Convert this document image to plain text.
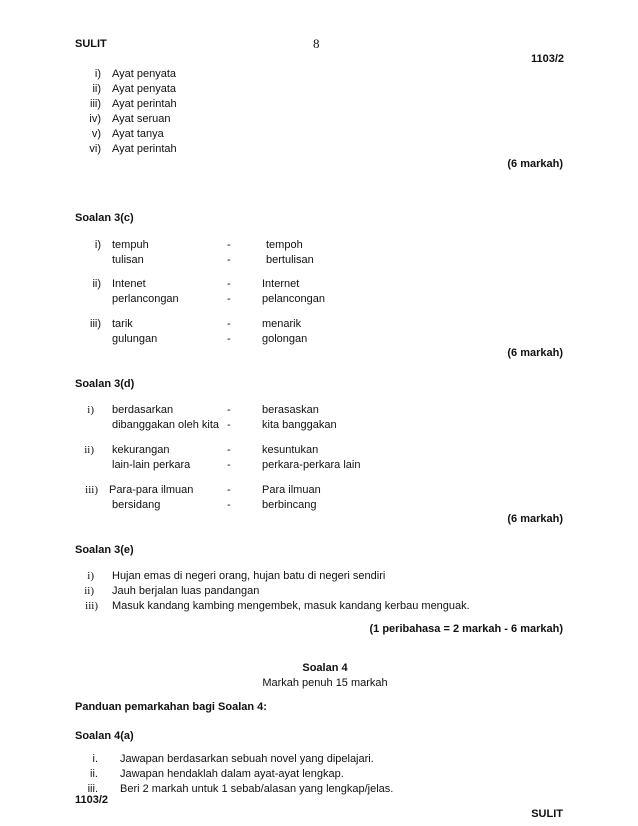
SULIT	8
1103/2
i) Ayat penyata
ii) Ayat penyata
iii) Ayat perintah
iv) Ayat seruan
v) Ayat tanya
vi) Ayat perintah
(6 markah)
Soalan 3(c)
i) tempuh	-	tempoh
tulisan	-	bertulisan
ii) Intenet	-	Internet
perlancongan	-	pelancongan
iii) tarik	-	menarik
gulungan	-	golongan
(6 markah)
Soalan 3(d)
i) berdasarkan	-	berasaskan
dibanggakan oleh kita -	kita banggakan
ii) kekurangan	-	kesuntukan
lain-lain perkara	-	perkara-perkara lain
iii) Para-para ilmuan	-	Para ilmuan
bersidang	-	berbincang
(6 markah)
Soalan 3(e)
i) Hujan emas di negeri orang, hujan batu di negeri sendiri
ii) Jauh berjalan luas pandangan
iii) Masuk kandang kambing mengembek, masuk kandang kerbau menguak.
(1 peribahasa = 2 markah - 6 markah)
Soalan 4
Markah penuh 15 markah
Panduan pemarkahan bagi Soalan 4:
Soalan 4(a)
i. Jawapan berdasarkan sebuah novel yang dipelajari.
ii. Jawapan hendaklah dalam ayat-ayat lengkap.
iii. Beri 2 markah untuk 1 sebab/alasan yang lengkap/jelas.
1103/2
SULIT
